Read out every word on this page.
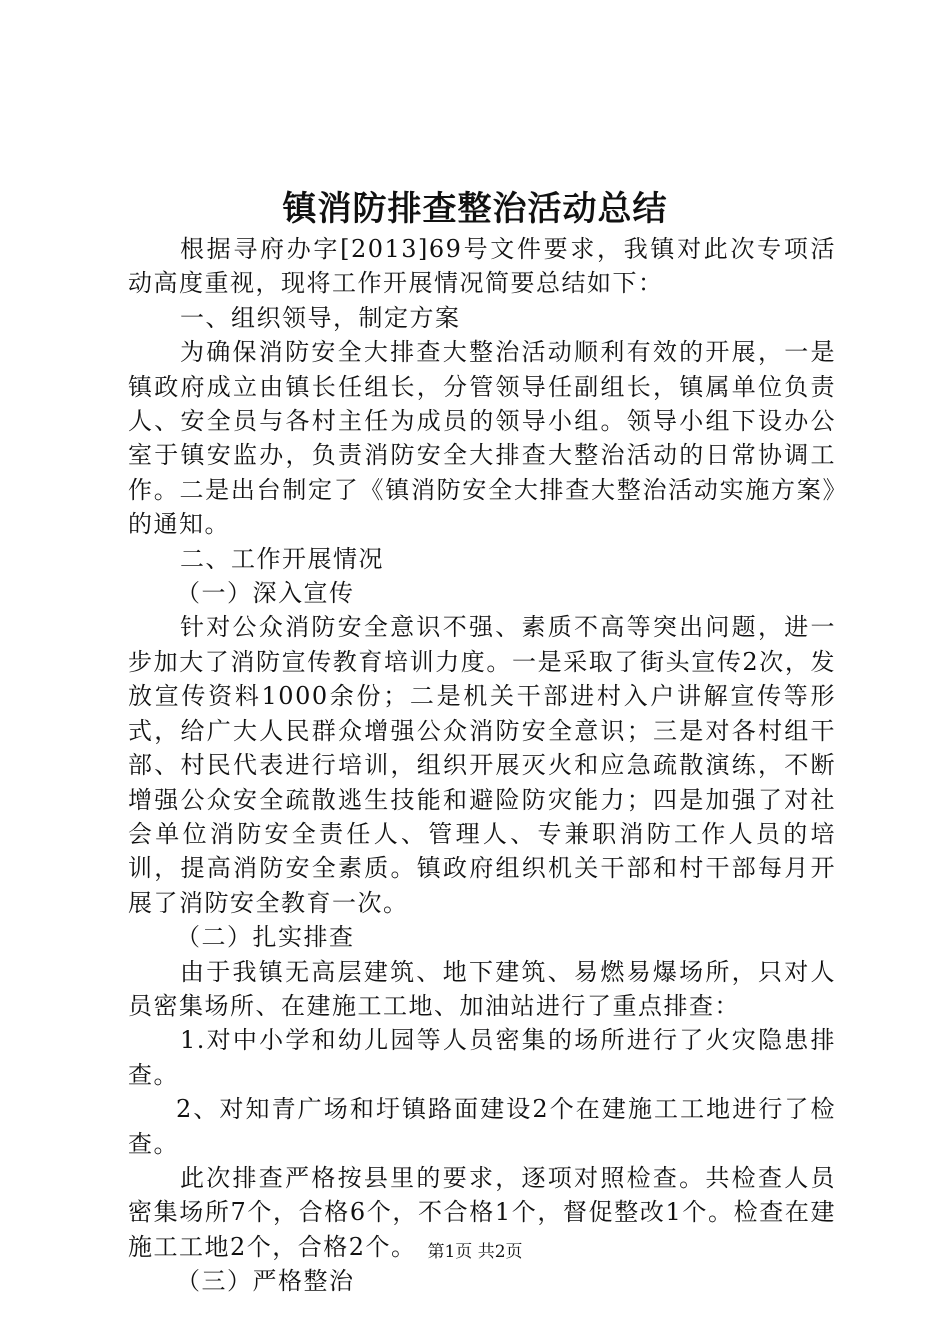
镇消防排查整治活动总结

根据寻府办字[2013]69号文件要求，我镇对此次专项活动高度重视，现将工作开展情况简要总结如下：

一、组织领导，制定方案

为确保消防安全大排查大整治活动顺利有效的开展，一是镇政府成立由镇长任组长，分管领导任副组长，镇属单位负责人、安全员与各村主任为成员的领导小组。领导小组下设办公室于镇安监办，负责消防安全大排查大整治活动的日常协调工作。二是出台制定了《镇消防安全大排查大整治活动实施方案》的通知。

二、工作开展情况

（一）深入宣传

针对公众消防安全意识不强、素质不高等突出问题，进一步加大了消防宣传教育培训力度。一是采取了街头宣传2次，发放宣传资料1000余份；二是机关干部进村入户讲解宣传等形式，给广大人民群众增强公众消防安全意识；三是对各村组干部、村民代表进行培训，组织开展灭火和应急疏散演练，不断增强公众安全疏散逃生技能和避险防灾能力；四是加强了对社会单位消防安全责任人、管理人、专兼职消防工作人员的培训，提高消防安全素质。镇政府组织机关干部和村干部每月开展了消防安全教育一次。

（二）扎实排查

由于我镇无高层建筑、地下建筑、易燃易爆场所，只对人员密集场所、在建施工工地、加油站进行了重点排查：

1.对中小学和幼儿园等人员密集的场所进行了火灾隐患排查。

2、对知青广场和圩镇路面建设2个在建施工工地进行了检查。

此次排查严格按县里的要求，逐项对照检查。共检查人员密集场所7个，合格6个，不合格1个，督促整改1个。检查在建施工工地2个，合格2个。

（三）严格整治

第1页 共2页
